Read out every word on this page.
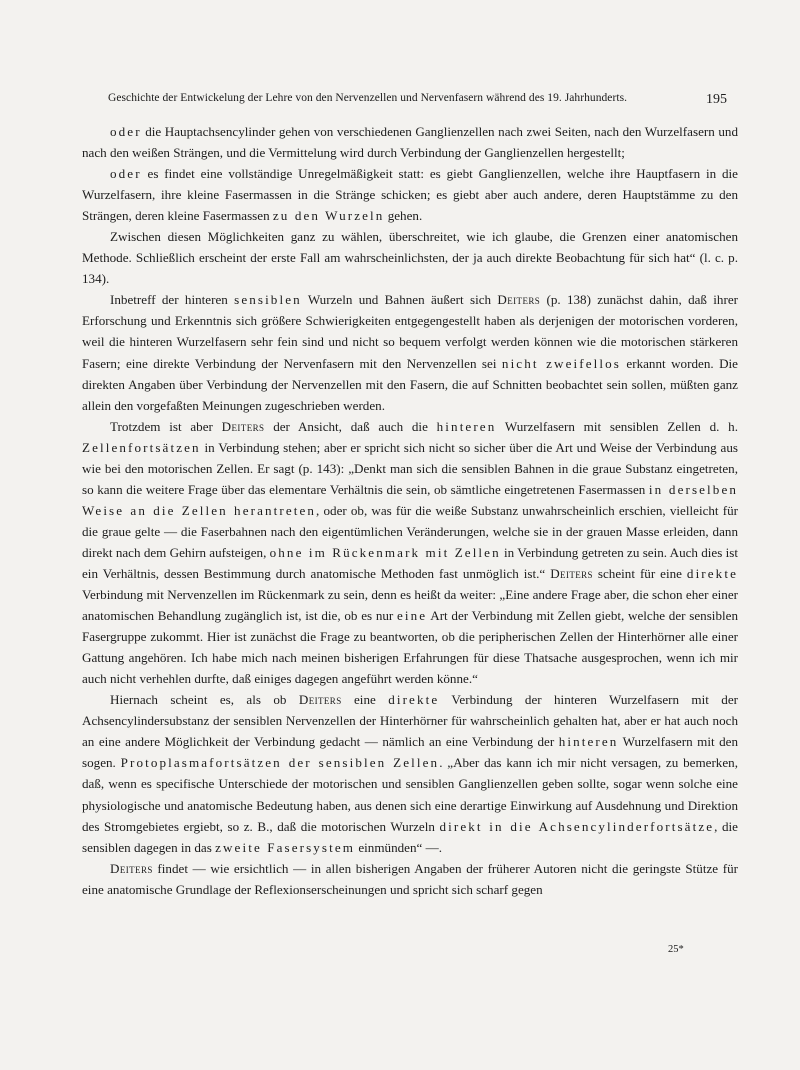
Geschichte der Entwickelung der Lehre von den Nervenzellen und Nervenfasern während des 19. Jahrhunderts.	195

oder die Hauptachsencylinder gehen von verschiedenen Ganglienzellen nach zwei Seiten, nach den Wurzelfasern und nach den weißen Strängen, und die Vermittelung wird durch Verbindung der Ganglienzellen hergestellt;

oder es findet eine vollständige Unregelmäßigkeit statt: es giebt Ganglienzellen, welche ihre Hauptfasern in die Wurzelfasern, ihre kleine Fasermassen in die Stränge schicken; es giebt aber auch andere, deren Hauptstämme zu den Strängen, deren kleine Fasermassen zu den Wurzeln gehen.

Zwischen diesen Möglichkeiten ganz zu wählen, überschreitet, wie ich glaube, die Grenzen einer anatomischen Methode. Schließlich erscheint der erste Fall am wahrscheinlichsten, der ja auch direkte Beobachtung für sich hat“ (l. c. p. 134).

Inbetreff der hinteren sensiblen Wurzeln und Bahnen äußert sich Deiters (p. 138) zunächst dahin, daß ihrer Erforschung und Erkenntnis sich größere Schwierigkeiten entgegengestellt haben als derjenigen der motorischen vorderen, weil die hinteren Wurzelfasern sehr fein sind und nicht so bequem verfolgt werden können wie die motorischen stärkeren Fasern; eine direkte Verbindung der Nervenfasern mit den Nervenzellen sei nicht zweifellos erkannt worden. Die direkten Angaben über Verbindung der Nervenzellen mit den Fasern, die auf Schnitten beobachtet sein sollen, müßten ganz allein den vorgefaßten Meinungen zugeschrieben werden.

Trotzdem ist aber Deiters der Ansicht, daß auch die hinteren Wurzelfasern mit sensiblen Zellen d. h. Zellenfortsätzen in Verbindung stehen; aber er spricht sich nicht so sicher über die Art und Weise der Verbindung aus wie bei den motorischen Zellen. Er sagt (p. 143): „Denkt man sich die sensiblen Bahnen in die graue Substanz eingetreten, so kann die weitere Frage über das elementare Verhältnis die sein, ob sämtliche eingetretenen Fasermassen in derselben Weise an die Zellen herantreten, oder ob, was für die weiße Substanz unwahrscheinlich erschien, vielleicht für die graue gelte — die Faserbahnen nach den eigentümlichen Veränderungen, welche sie in der grauen Masse erleiden, dann direkt nach dem Gehirn aufsteigen, ohne im Rückenmark mit Zellen in Verbindung getreten zu sein. Auch dies ist ein Verhältnis, dessen Bestimmung durch anatomische Methoden fast unmöglich ist.“ Deiters scheint für eine direkte Verbindung mit Nervenzellen im Rückenmark zu sein, denn es heißt da weiter: „Eine andere Frage aber, die schon eher einer anatomischen Behandlung zugänglich ist, ist die, ob es nur eine Art der Verbindung mit Zellen giebt, welche der sensiblen Fasergruppe zukommt. Hier ist zunächst die Frage zu beantworten, ob die peripherischen Zellen der Hinterhörner alle einer Gattung angehören. Ich habe mich nach meinen bisherigen Erfahrungen für diese Thatsache ausgesprochen, wenn ich mir auch nicht verhehlen durfte, daß einiges dagegen angeführt werden könne.“

Hiernach scheint es, als ob Deiters eine direkte Verbindung der hinteren Wurzelfasern mit der Achsencylindersubstanz der sensiblen Nervenzellen der Hinterhörner für wahrscheinlich gehalten hat, aber er hat auch noch an eine andere Möglichkeit der Verbindung gedacht — nämlich an eine Verbindung der hinteren Wurzelfasern mit den sogen. Protoplasmafortsätzen der sensiblen Zellen. „Aber das kann ich mir nicht versagen, zu bemerken, daß, wenn es specifische Unterschiede der motorischen und sensiblen Ganglienzellen geben sollte, sogar wenn solche eine physiologische und anatomische Bedeutung haben, aus denen sich eine derartige Einwirkung auf Ausdehnung und Direktion des Stromgebietes ergiebt, so z. B., daß die motorischen Wurzeln direkt in die Achsencylinderfortsätze, die sensiblen dagegen in das zweite Fasersystem einmünden“ —.

Deiters findet — wie ersichtlich — in allen bisherigen Angaben der früherer Autoren nicht die geringste Stütze für eine anatomische Grundlage der Reflexionserscheinungen und spricht sich scharf gegen

25*
